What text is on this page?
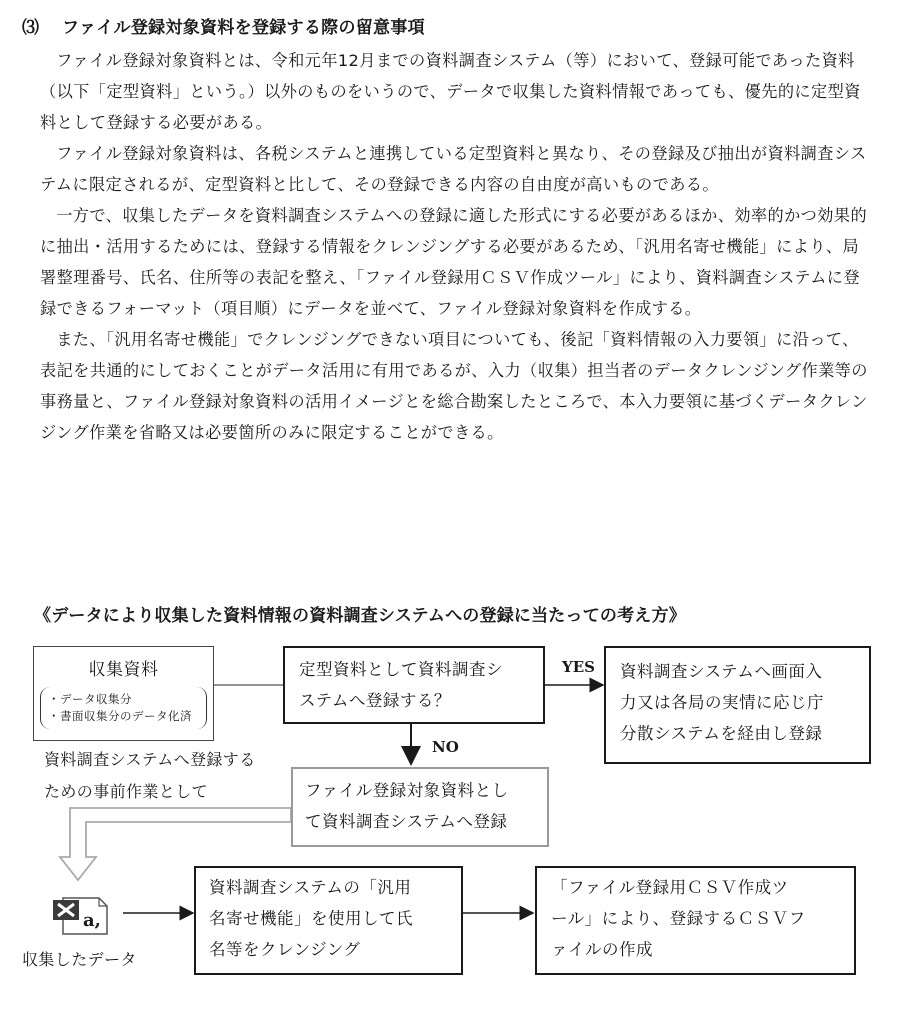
⑶ ファイル登録対象資料を登録する際の留意事項

ファイル登録対象資料とは、令和元年12月までの資料調査システム（等）において、登録可能であった資料（以下「定型資料」という。）以外のものをいうので、データで収集した資料情報であっても、優先的に定型資料として登録する必要がある。

ファイル登録対象資料は、各税システムと連携している定型資料と異なり、その登録及び抽出が資料調査システムに限定されるが、定型資料と比して、その登録できる内容の自由度が高いものである。

一方で、収集したデータを資料調査システムへの登録に適した形式にする必要があるほか、効率的かつ効果的に抽出・活用するためには、登録する情報をクレンジングする必要があるため、「汎用名寄せ機能」により、局署整理番号、氏名、住所等の表記を整え、「ファイル登録用ＣＳＶ作成ツール」により、資料調査システムに登録できるフォーマット（項目順）にデータを並べて、ファイル登録対象資料を作成する。

また、「汎用名寄せ機能」でクレンジングできない項目についても、後記「資料情報の入力要領」に沿って、表記を共通的にしておくことがデータ活用に有用であるが、入力（収集）担当者のデータクレンジング作業等の事務量と、ファイル登録対象資料の活用イメージとを総合勘案したところで、本入力要領に基づくデータクレンジング作業を省略又は必要箇所のみに限定することができる。

《データにより収集した資料情報の資料調査システムへの登録に当たっての考え方》
収集資料
・データ収集分
・書面収集分のデータ化済
定型資料として資料調査シ
ステムへ登録する？
YES
NO
資料調査システムへ画面入
力又は各局の実情に応じ庁
分散システムを経由し登録
資料調査システムへ登録する
ための事前作業として	ファイル登録対象資料とし
て資料調査システムへ登録
a,
収集したデータ
資料調査システムの「汎用
名寄せ機能」を使用して氏
名等をクレンジング
「ファイル登録用ＣＳＶ作成ツ
ール」により、登録するＣＳＶフ
ァイルの作成
